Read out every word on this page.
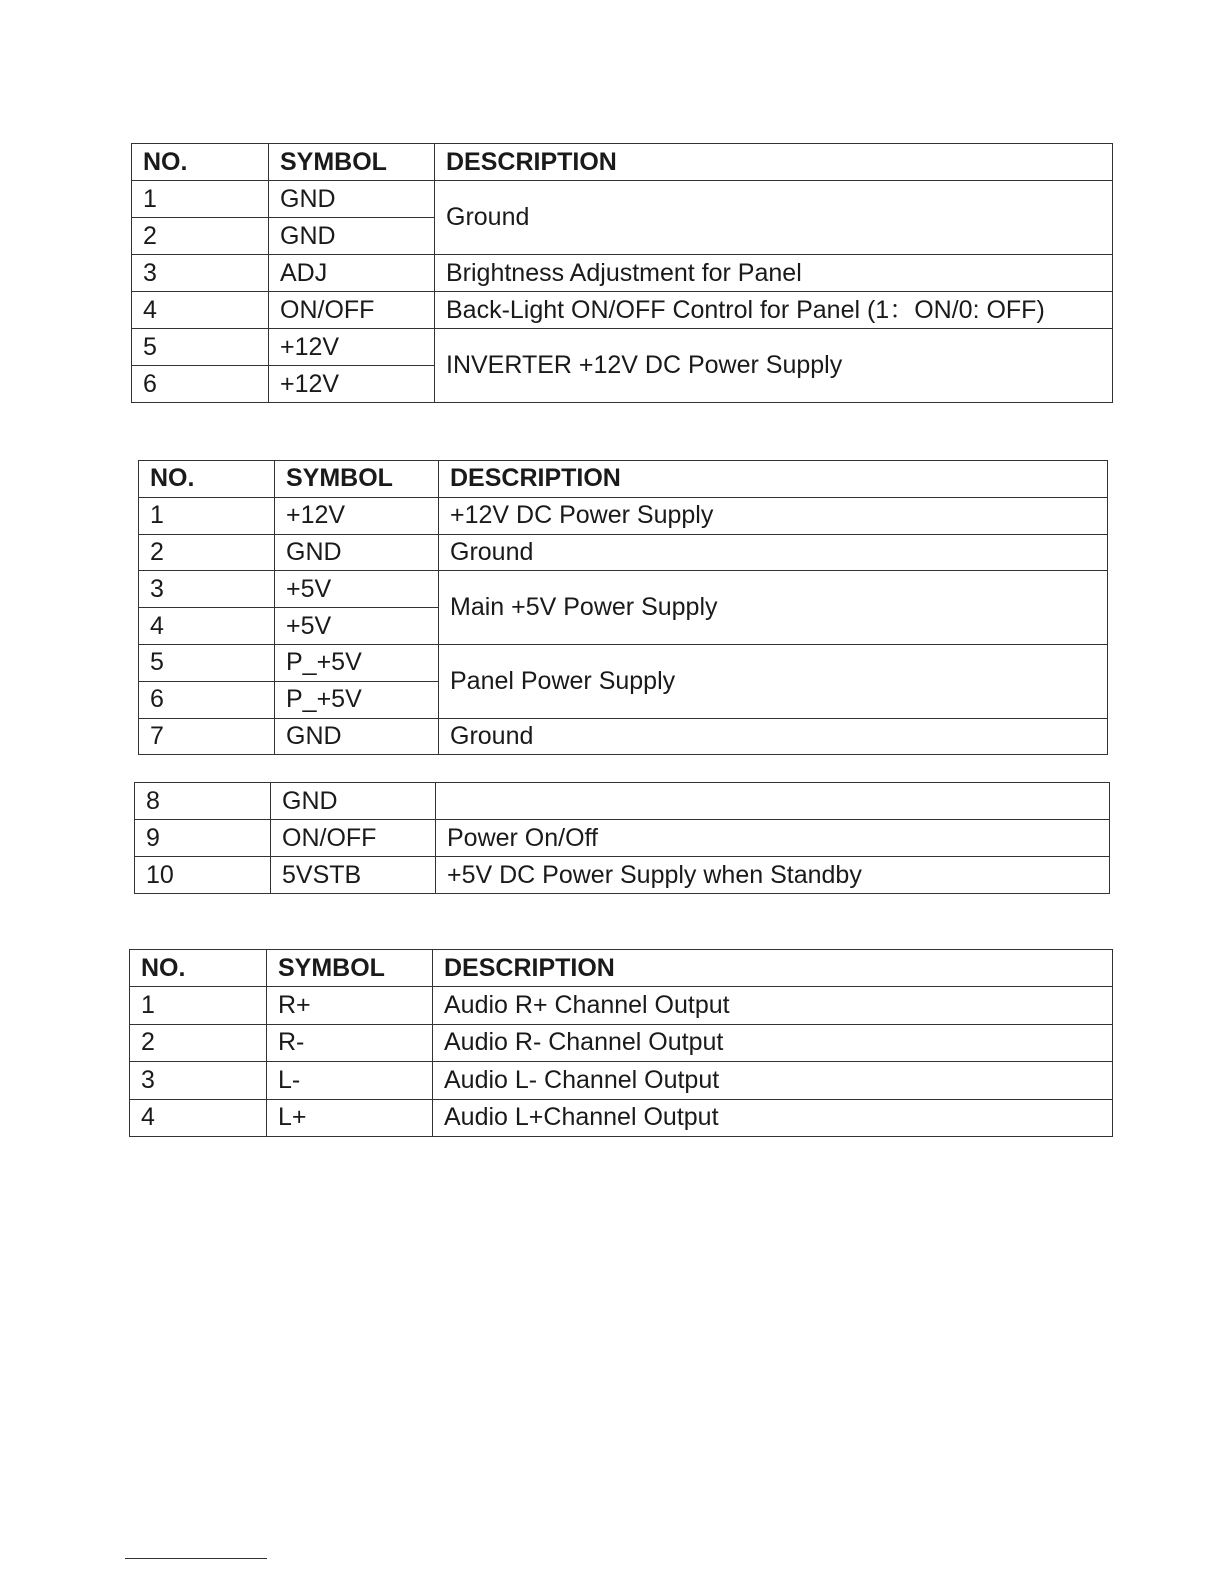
NO.	SYMBOL	DESCRIPTION
1	GND	Ground
2	GND	
3	ADJ	Brightness Adjustment for Panel
4	ON/OFF	Back-Light ON/OFF Control for Panel (1：ON/0: OFF)
5	+12V	INVERTER +12V DC Power Supply
6	+12V	
NO.	SYMBOL	DESCRIPTION
1	+12V	+12V DC Power Supply
2	GND	Ground
3	+5V	Main +5V Power Supply
4	+5V	
5	P_+5V	Panel Power Supply
6	P_+5V	
7	GND	Ground
8	GND	
9	ON/OFF	Power On/Off
10	5VSTB	+5V DC Power Supply when Standby
NO.	SYMBOL	DESCRIPTION
1	R+	Audio R+ Channel Output
2	R-	Audio R- Channel Output
3	L-	Audio L- Channel Output
4	L+	Audio L+Channel Output
